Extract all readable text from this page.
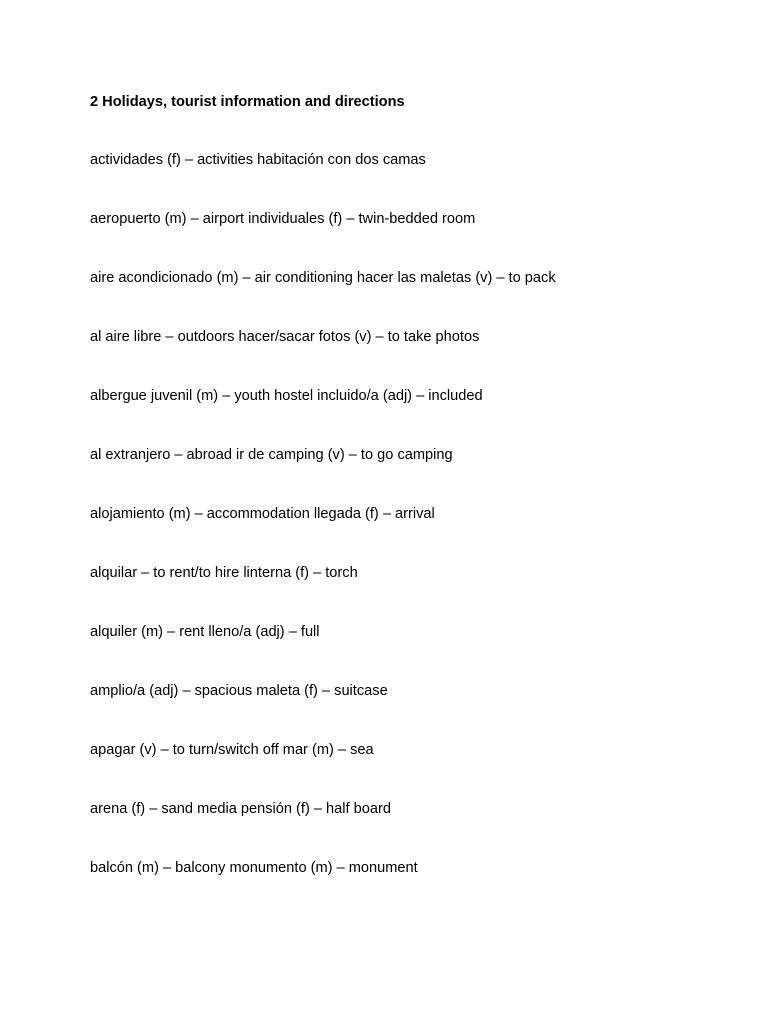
2 Holidays, tourist information and directions
actividades (f) – activities habitación con dos camas
aeropuerto (m) – airport individuales (f) – twin-bedded room
aire acondicionado (m) – air conditioning hacer las maletas (v) – to pack
al aire libre – outdoors hacer/sacar fotos (v) – to take photos
albergue juvenil (m) – youth hostel incluido/a (adj) – included
al extranjero – abroad ir de camping (v) – to go camping
alojamiento (m) – accommodation llegada (f) – arrival
alquilar – to rent/to hire linterna (f) – torch
alquiler (m) – rent lleno/a (adj) – full
amplio/a (adj) – spacious maleta (f) – suitcase
apagar (v) – to turn/switch off mar (m) – sea
arena (f) – sand media pensión (f) – half board
balcón (m) – balcony monumento (m) – monument
